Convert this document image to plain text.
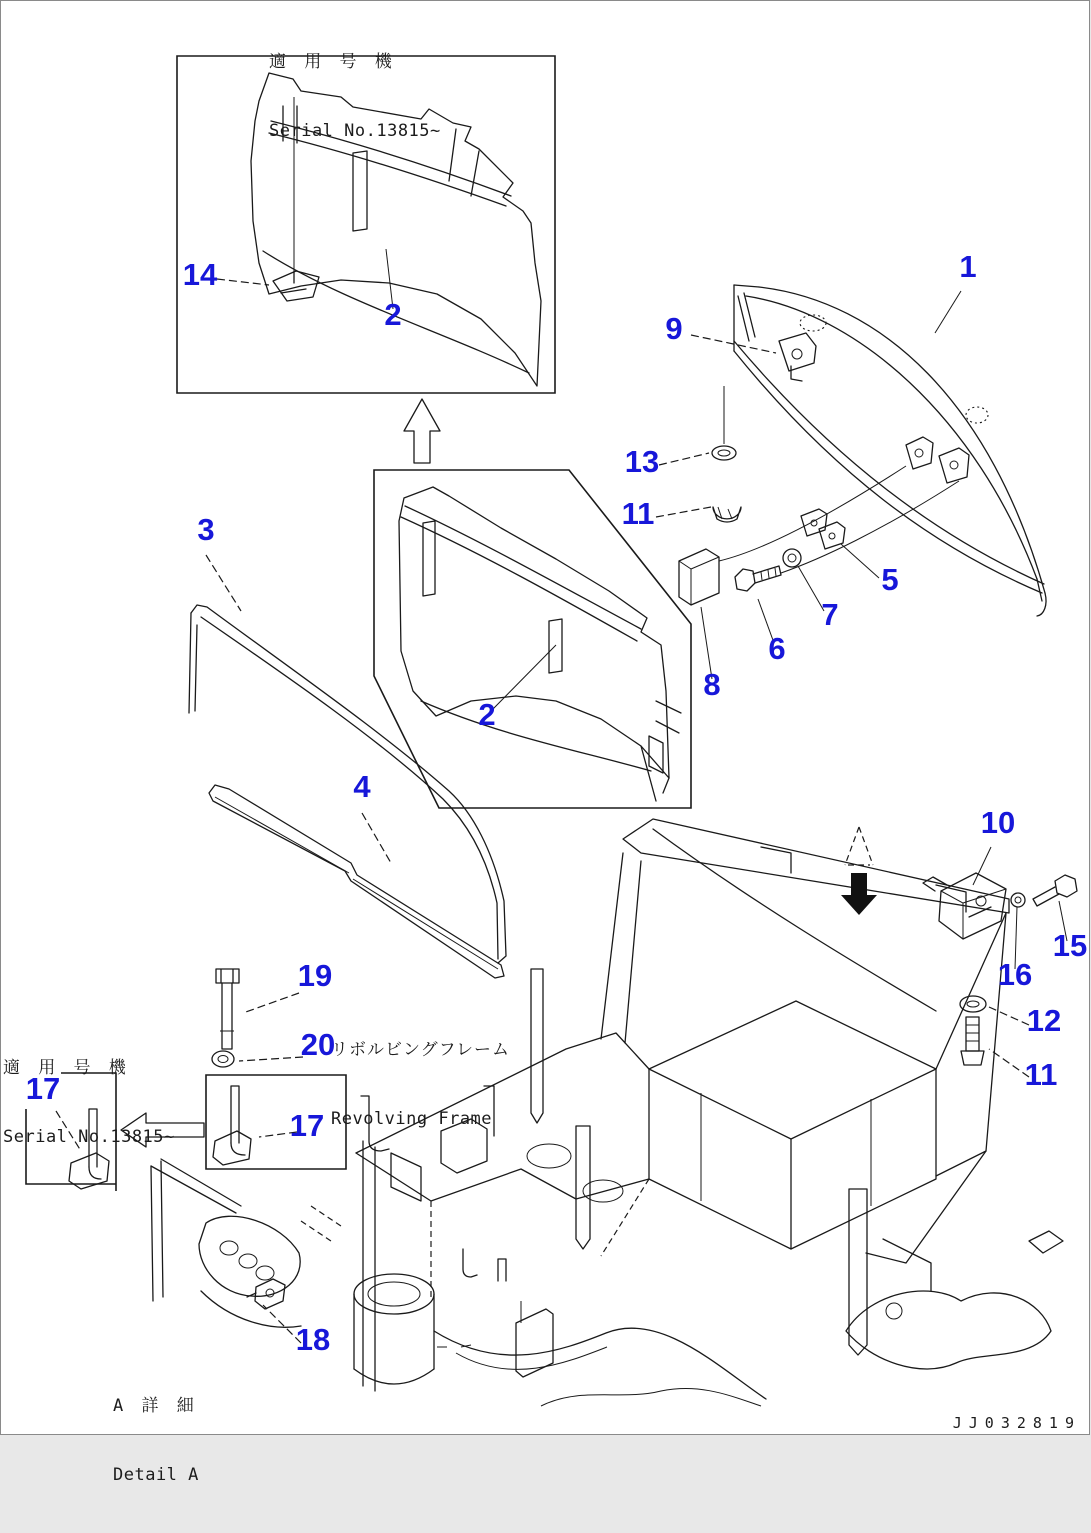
14
2
1
9
13
11
3
5
7
6
8
2
4
10
15
16
12
11
19
20
17
17
18

適 用 号 機

Serial No.13815~

適 用 号 機

Serial No.13815~

リボルビングフレーム

Revolving Frame

A 詳 細

Detail A

JJ032819
